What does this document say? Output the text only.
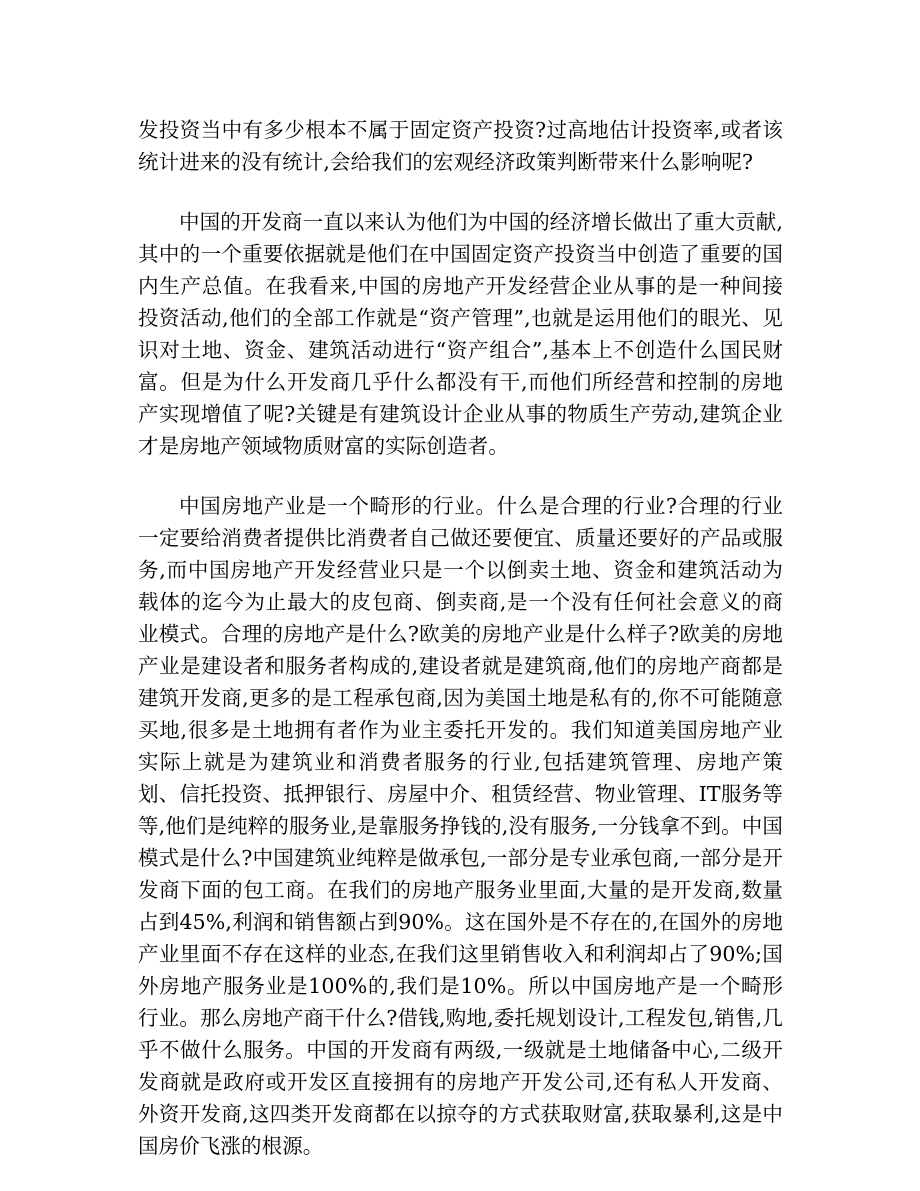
发投资当中有多少根本不属于固定资产投资?过高地估计投资率,或者该统计进来的没有统计,会给我们的宏观经济政策判断带来什么影响呢?

中国的开发商一直以来认为他们为中国的经济增长做出了重大贡献,其中的一个重要依据就是他们在中国固定资产投资当中创造了重要的国内生产总值。在我看来,中国的房地产开发经营企业从事的是一种间接投资活动,他们的全部工作就是“资产管理”,也就是运用他们的眼光、见识对土地、资金、建筑活动进行“资产组合”,基本上不创造什么国民财富。但是为什么开发商几乎什么都没有干,而他们所经营和控制的房地产实现增值了呢?关键是有建筑设计企业从事的物质生产劳动,建筑企业才是房地产领域物质财富的实际创造者。

中国房地产业是一个畸形的行业。什么是合理的行业?合理的行业一定要给消费者提供比消费者自己做还要便宜、质量还要好的产品或服务,而中国房地产开发经营业只是一个以倒卖土地、资金和建筑活动为载体的迄今为止最大的皮包商、倒卖商,是一个没有任何社会意义的商业模式。合理的房地产是什么?欧美的房地产业是什么样子?欧美的房地产业是建设者和服务者构成的,建设者就是建筑商,他们的房地产商都是建筑开发商,更多的是工程承包商,因为美国土地是私有的,你不可能随意买地,很多是土地拥有者作为业主委托开发的。我们知道美国房地产业实际上就是为建筑业和消费者服务的行业,包括建筑管理、房地产策划、信托投资、抵押银行、房屋中介、租赁经营、物业管理、IT服务等等,他们是纯粹的服务业,是靠服务挣钱的,没有服务,一分钱拿不到。中国模式是什么?中国建筑业纯粹是做承包,一部分是专业承包商,一部分是开发商下面的包工商。在我们的房地产服务业里面,大量的是开发商,数量占到45%,利润和销售额占到90%。这在国外是不存在的,在国外的房地产业里面不存在这样的业态,在我们这里销售收入和利润却占了90%;国外房地产服务业是100%的,我们是10%。所以中国房地产是一个畸形行业。那么房地产商干什么?借钱,购地,委托规划设计,工程发包,销售,几乎不做什么服务。中国的开发商有两级,一级就是土地储备中心,二级开发商就是政府或开发区直接拥有的房地产开发公司,还有私人开发商、外资开发商,这四类开发商都在以掠夺的方式获取财富,获取暴利,这是中国房价飞涨的根源。
